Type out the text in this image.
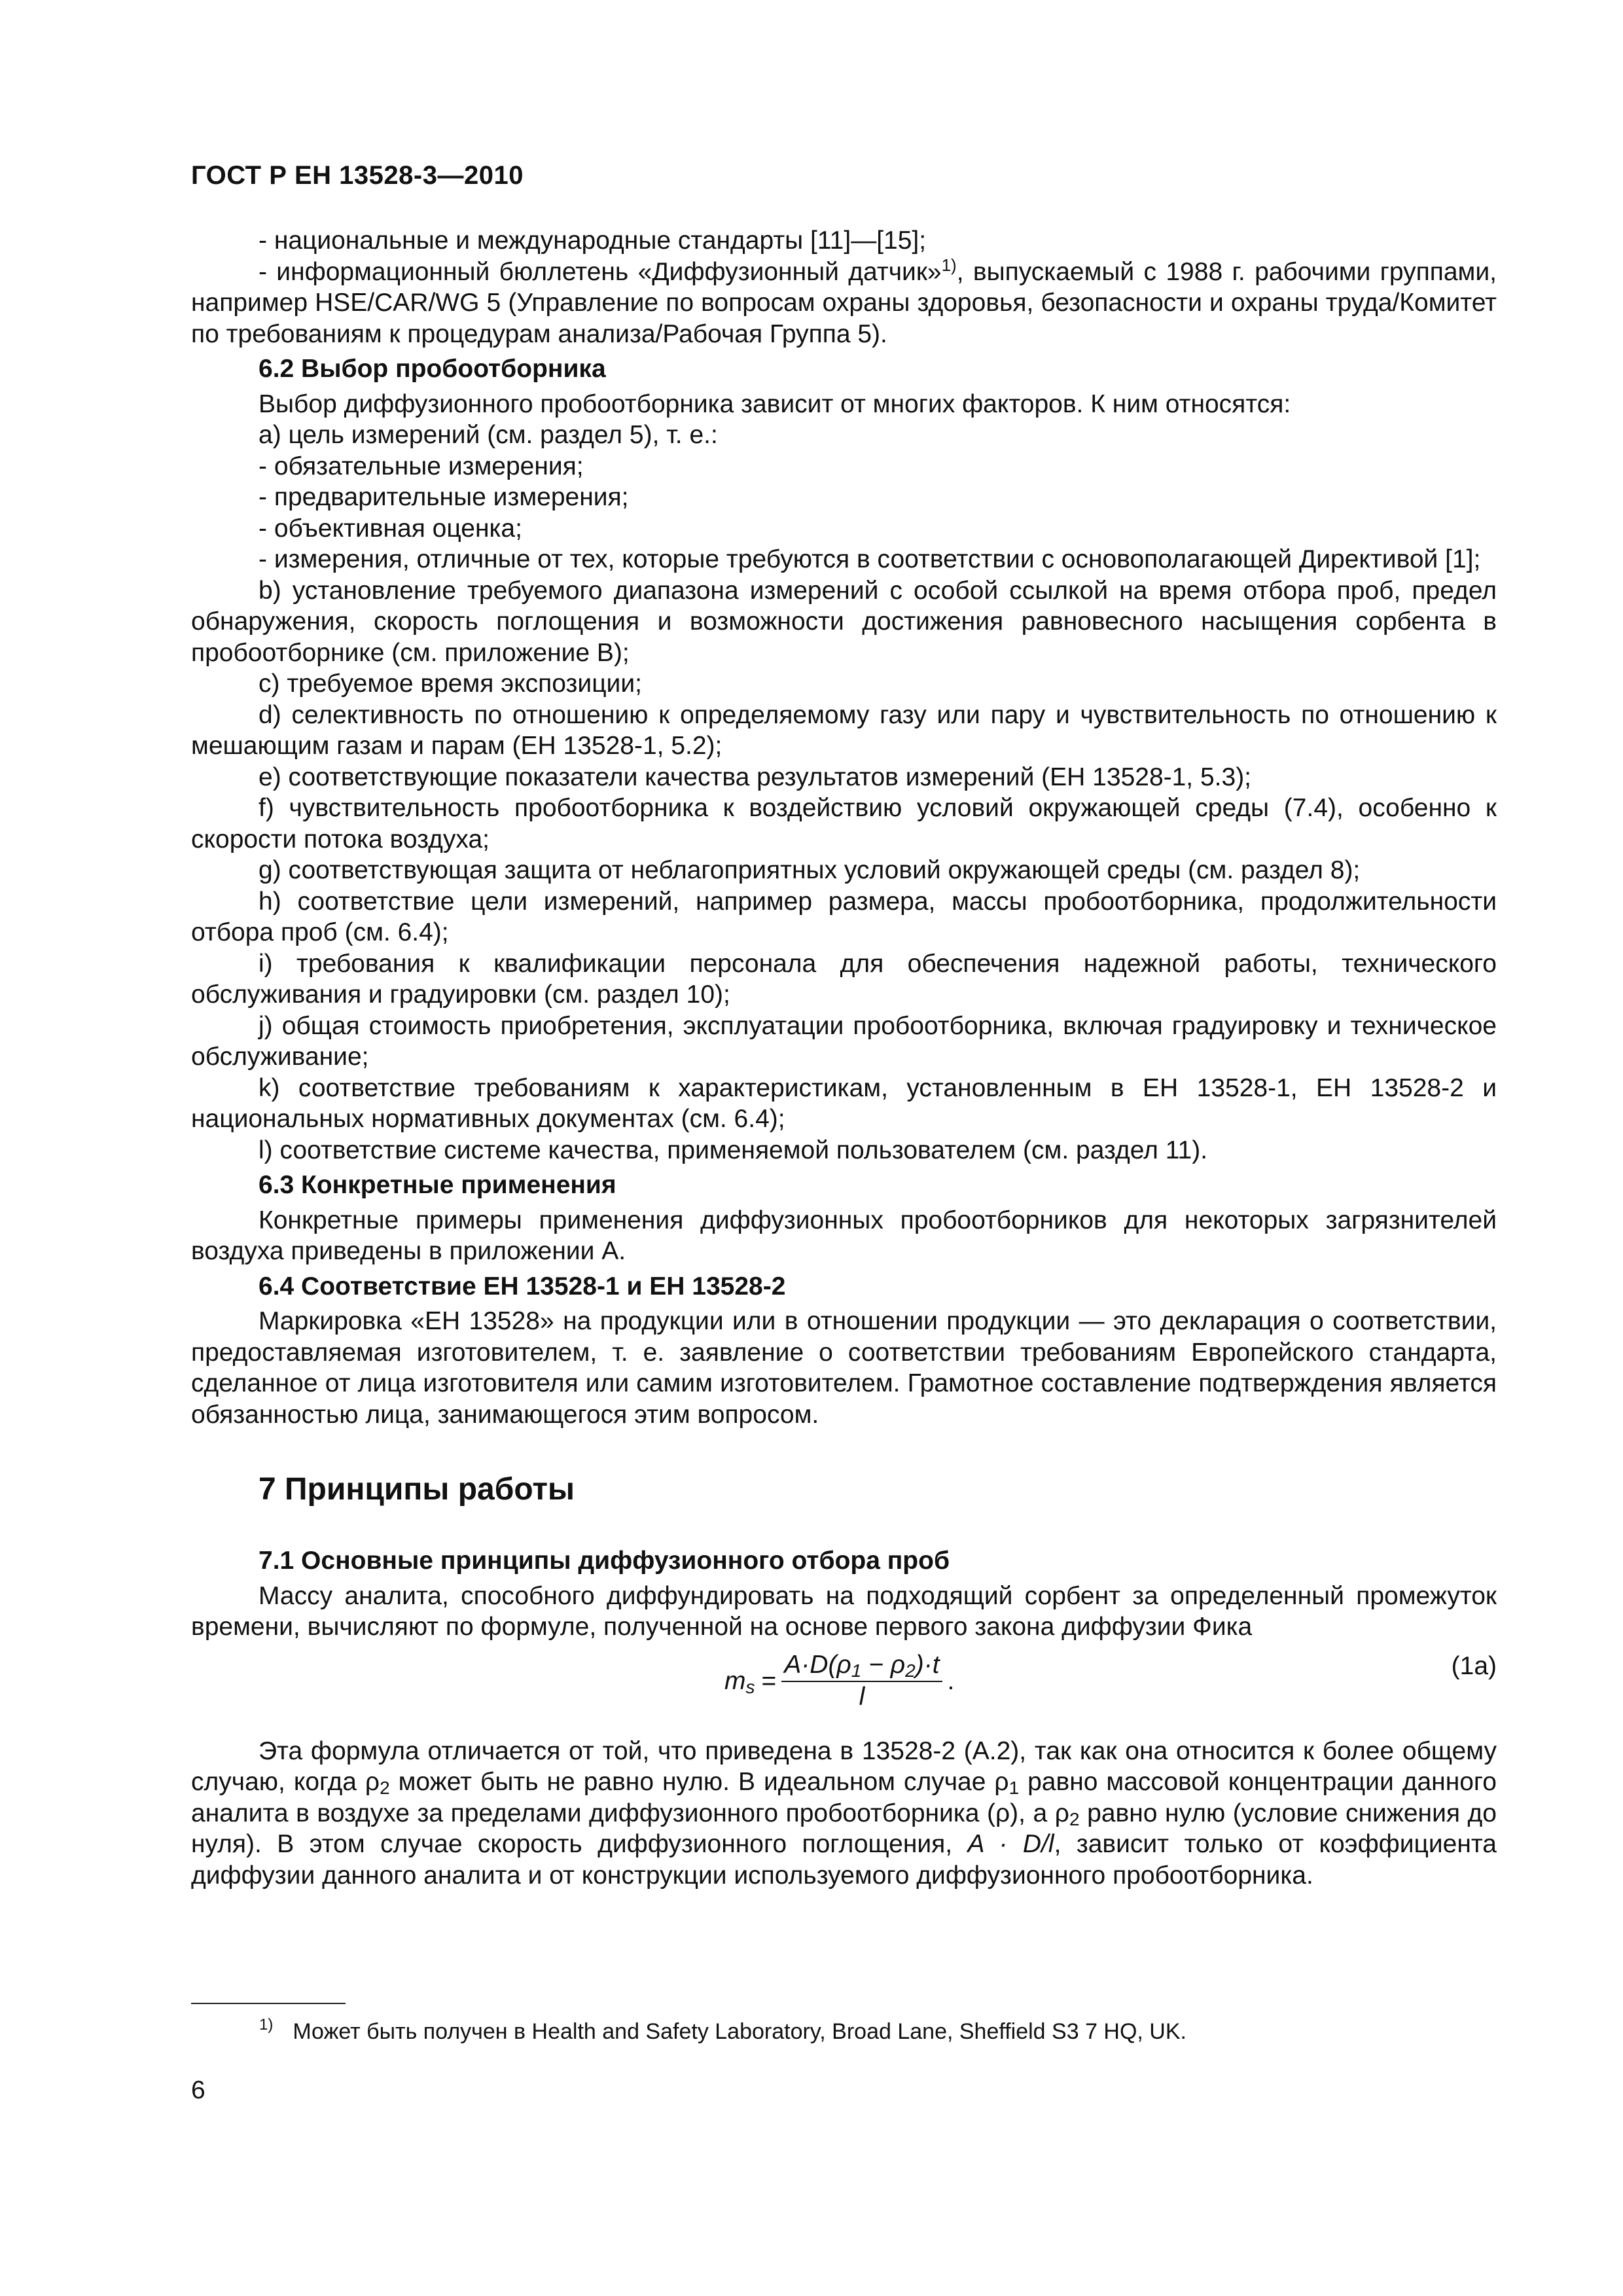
ГОСТ Р ЕН 13528-3—2010

- национальные и международные стандарты [11]—[15];

- информационный бюллетень «Диффузионный датчик»$^{1)}$, выпускаемый с 1988 г. рабочими группами, например HSE/CAR/WG 5 (Управление по вопросам охраны здоровья, безопасности и охраны труда/Комитет по требованиям к процедурам анализа/Рабочая Группа 5).

6.2 Выбор пробоотборника

Выбор диффузионного пробоотборника зависит от многих факторов. К ним относятся:

а) цель измерений (см. раздел 5), т. е.:

- обязательные измерения;

- предварительные измерения;

- объективная оценка;

- измерения, отличные от тех, которые требуются в соответствии с основополагающей Директивой [1];

b) установление требуемого диапазона измерений с особой ссылкой на время отбора проб, предел обнаружения, скорость поглощения и возможности достижения равновесного насыщения сорбента в пробоотборнике (см. приложение В);

c) требуемое время экспозиции;

d) селективность по отношению к определяемому газу или пару и чувствительность по отношению к мешающим газам и парам (ЕН 13528-1, 5.2);

e) соответствующие показатели качества результатов измерений (ЕН 13528-1, 5.3);

f) чувствительность пробоотборника к воздействию условий окружающей среды (7.4), особенно к скорости потока воздуха;

g) соответствующая защита от неблагоприятных условий окружающей среды (см. раздел 8);

h) соответствие цели измерений, например размера, массы пробоотборника, продолжительности отбора проб (см. 6.4);

i) требования к квалификации персонала для обеспечения надежной работы, технического обслуживания и градуировки (см. раздел 10);

j) общая стоимость приобретения, эксплуатации пробоотборника, включая градуировку и техническое обслуживание;

k) соответствие требованиям к характеристикам, установленным в ЕН 13528-1, ЕН 13528-2 и национальных нормативных документах (см. 6.4);

l) соответствие системе качества, применяемой пользователем (см. раздел 11).

6.3 Конкретные применения

Конкретные примеры применения диффузионных пробоотборников для некоторых загрязнителей воздуха приведены в приложении А.

6.4 Соответствие ЕН 13528-1 и ЕН 13528-2

Маркировка «ЕН 13528» на продукции или в отношении продукции — это декларация о соответствии, предоставляемая изготовителем, т. е. заявление о соответствии требованиям Европейского стандарта, сделанное от лица изготовителя или самим изготовителем. Грамотное составление подтверждения является обязанностью лица, занимающегося этим вопросом.

7 Принципы работы

7.1 Основные принципы диффузионного отбора проб

Массу аналита, способного диффундировать на подходящий сорбент за определенный промежуток времени, вычисляют по формуле, полученной на основе первого закона диффузии Фика

$m_s = \frac{A\cdot D(\rho_1 - \rho_2)\cdot t}{l}$ .
(1a)

Эта формула отличается от той, что приведена в 13528-2 (А.2), так как она относится к более общему случаю, когда $\rho_2$ может быть не равно нулю. В идеальном случае $\rho_1$ равно массовой концентрации данного аналита в воздухе за пределами диффузионного пробоотборника (ρ), а $\rho_2$ равно нулю (условие снижения до нуля). В этом случае скорость диффузионного поглощения, A · D/l, зависит только от коэффициента диффузии данного аналита и от конструкции используемого диффузионного пробоотборника.

$^{1)}$ Может быть получен в Health and Safety Laboratory, Broad Lane, Sheffield S3 7 HQ, UK.
6
